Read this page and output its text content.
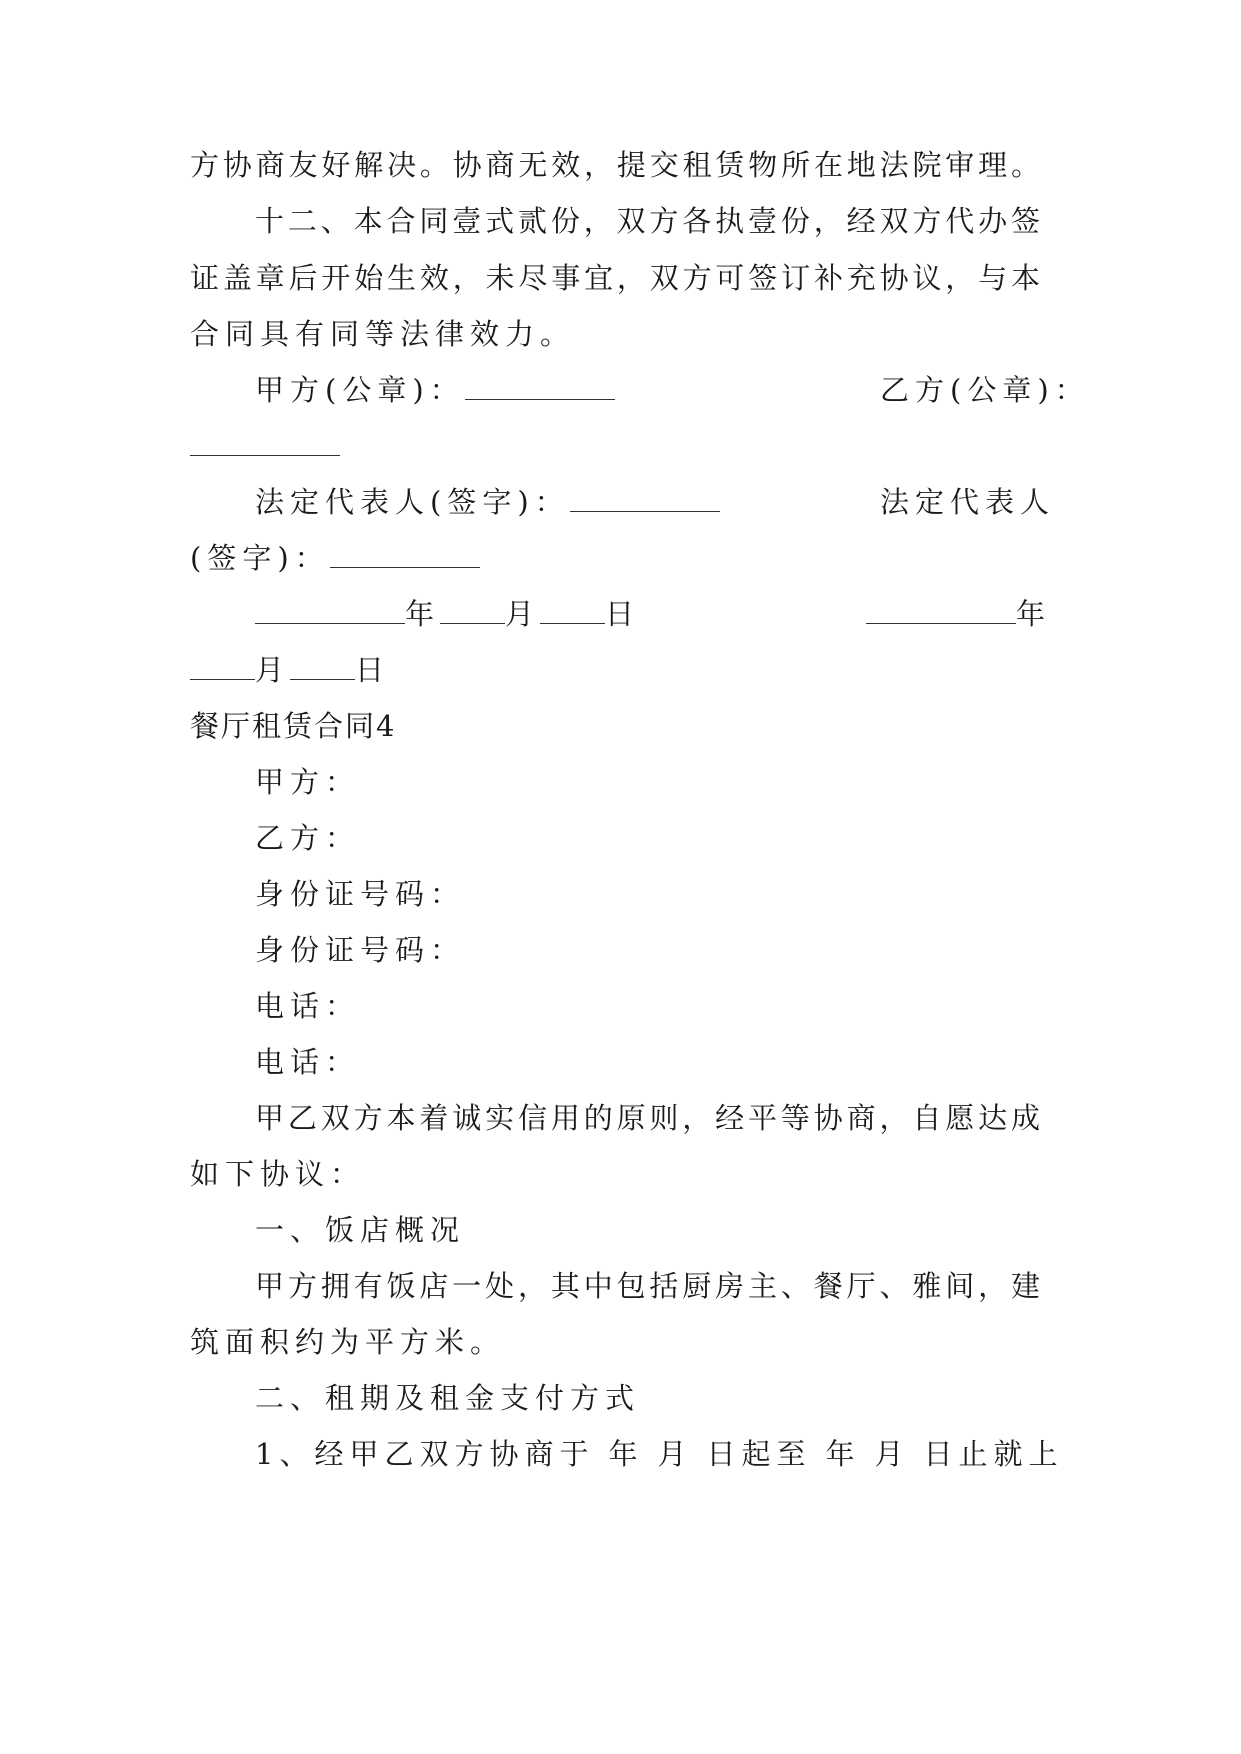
方协商友好解决。协商无效，提交租赁物所在地法院审理。
十二、本合同壹式贰份，双方各执壹份，经双方代办签
证盖章后开始生效，未尽事宜，双方可签订补充协议，与本
合同具有同等法律效力。
甲方(公章)：	乙方(公章)：
法定代表人(签字)：	法定代表人
(签字)：
年 月 日	年
月 日
餐厅租赁合同4
甲方：
乙方：
身份证号码：
身份证号码：
电话：
电话：
甲乙双方本着诚实信用的原则，经平等协商，自愿达成
如下协议：
一、饭店概况
甲方拥有饭店一处，其中包括厨房主、餐厅、雅间，建
筑面积约为平方米。
二、租期及租金支付方式
1、经甲乙双方协商于 年 月 日起至 年 月 日止就上
